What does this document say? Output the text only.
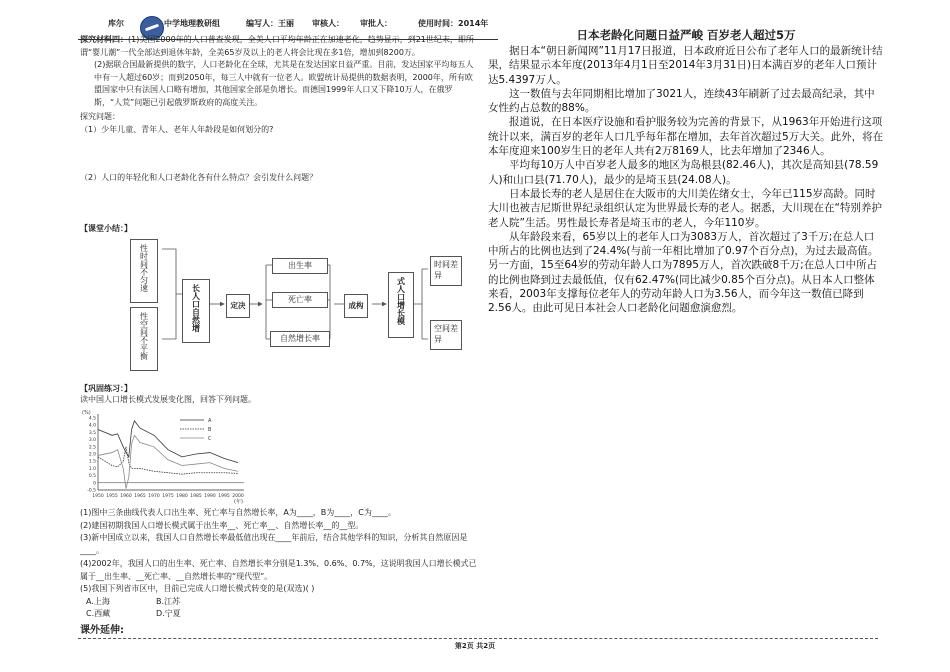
库尔	中学地理教研组	编写人：王丽 审核人： 审批人：	使用时间：2014年
探究材料四：(1)美国2000年的人口普查发现，全美人口平均年龄正在加速老化，趋势显示，到21世纪末，即所谓“婴儿潮”一代全部达到退休年龄，全美65岁及以上的老人将会比现在多1倍，增加到8200万。
(2)据联合国最新提供的数字，人口老龄化在全球，尤其是在发达国家日益严重。目前，发达国家平均每五人中有一人超过60岁；而到2050年，每三人中就有一位老人。欧盟统计局提供的数据表明，2000年，所有欧盟国家中只有法国人口略有增加，其他国家全部是负增长。而德国1999年人口又下降10万人，在俄罗斯，“人荒”问题已引起俄罗斯政府的高度关注。
探究问题：
（1）少年儿童、青年人、老年人年龄段是如何划分的?
（2）人口的年轻化和人口老龄化各有什么特点？会引发什么问题？
【课堂小结：】
性时间不匀速
性空间不平衡
长人口自然增	定决
出生率
死亡率
自然增长率
成构	式人口增长模
时间差异
空间差异
【巩固练习：】
读中国人口增长模式发展变化图，回答下列问题。
(%)
4.5
4.0
3.5
3.0
2.5
2.0
1.5
1.0
0.5
0
-0.5
1950 1955 1960 1965 1970 1975 1980 1985 1990 1995 2000
(年)
A
B
C
(1)图中三条曲线代表人口出生率、死亡率与自然增长率，A为____，B为____，C为____。
(2)建国初期我国人口增长模式属于出生率__、死亡率__、自然增长率__的__型。
(3)新中国成立以来，我国人口自然增长率最低值出现在____年前后，结合其他学科的知识，分析其自然原因是____。
(4)2002年，我国人口的出生率、死亡率、自然增长率分别是1.3%、0.6%、0.7%，这说明我国人口增长模式已属于__出生率、__死亡率、__自然增长率的“现代型”。
(5)我国下列省市区中，目前已完成人口增长模式转变的是(双选)( )
A.上海	B.江苏
C.西藏	D.宁夏
课外延伸:
日本老龄化问题日益严峻 百岁老人超过5万
据日本“朝日新闻网”11月17日报道，日本政府近日公布了老年人口的最新统计结果，结果显示本年度(2013年4月1日至2014年3月31日)日本满百岁的老年人口预计达5.4397万人。
这一数值与去年同期相比增加了3021人，连续43年刷新了过去最高纪录，其中女性约占总数的88%。
报道说，在日本医疗设施和看护服务较为完善的背景下，从1963年开始进行这项统计以来，满百岁的老年人口几乎每年都在增加，去年首次超过5万大关。此外，将在本年度迎来100岁生日的老年人共有2万8169人，比去年增加了2346人。
平均每10万人中百岁老人最多的地区为岛根县(82.46人)，其次是高知县(78.59人)和山口县(71.70人)，最少的是埼玉县(24.08人)。
日本最长寿的老人是居住在大阪市的大川美佐绪女士，今年已115岁高龄。同时大川也被吉尼斯世界纪录组织认定为世界最长寿的老人。据悉，大川现在在“特别养护老人院”生活。男性最长寿者是埼玉市的老人，今年110岁。
从年龄段来看，65岁以上的老年人口为3083万人，首次超过了3千万;在总人口中所占的比例也达到了24.4%(与前一年相比增加了0.97个百分点)，为过去最高值。另一方面，15至64岁的劳动年龄人口为7895万人，首次跌破8千万;在总人口中所占的比例也降到过去最低值，仅有62.47%(同比减少0.85个百分点)。从日本人口整体来看，2003年支撑每位老年人的劳动年龄人口为3.56人，而今年这一数值已降到2.56人。由此可见日本社会人口老龄化问题愈演愈烈。
第2页 共2页
